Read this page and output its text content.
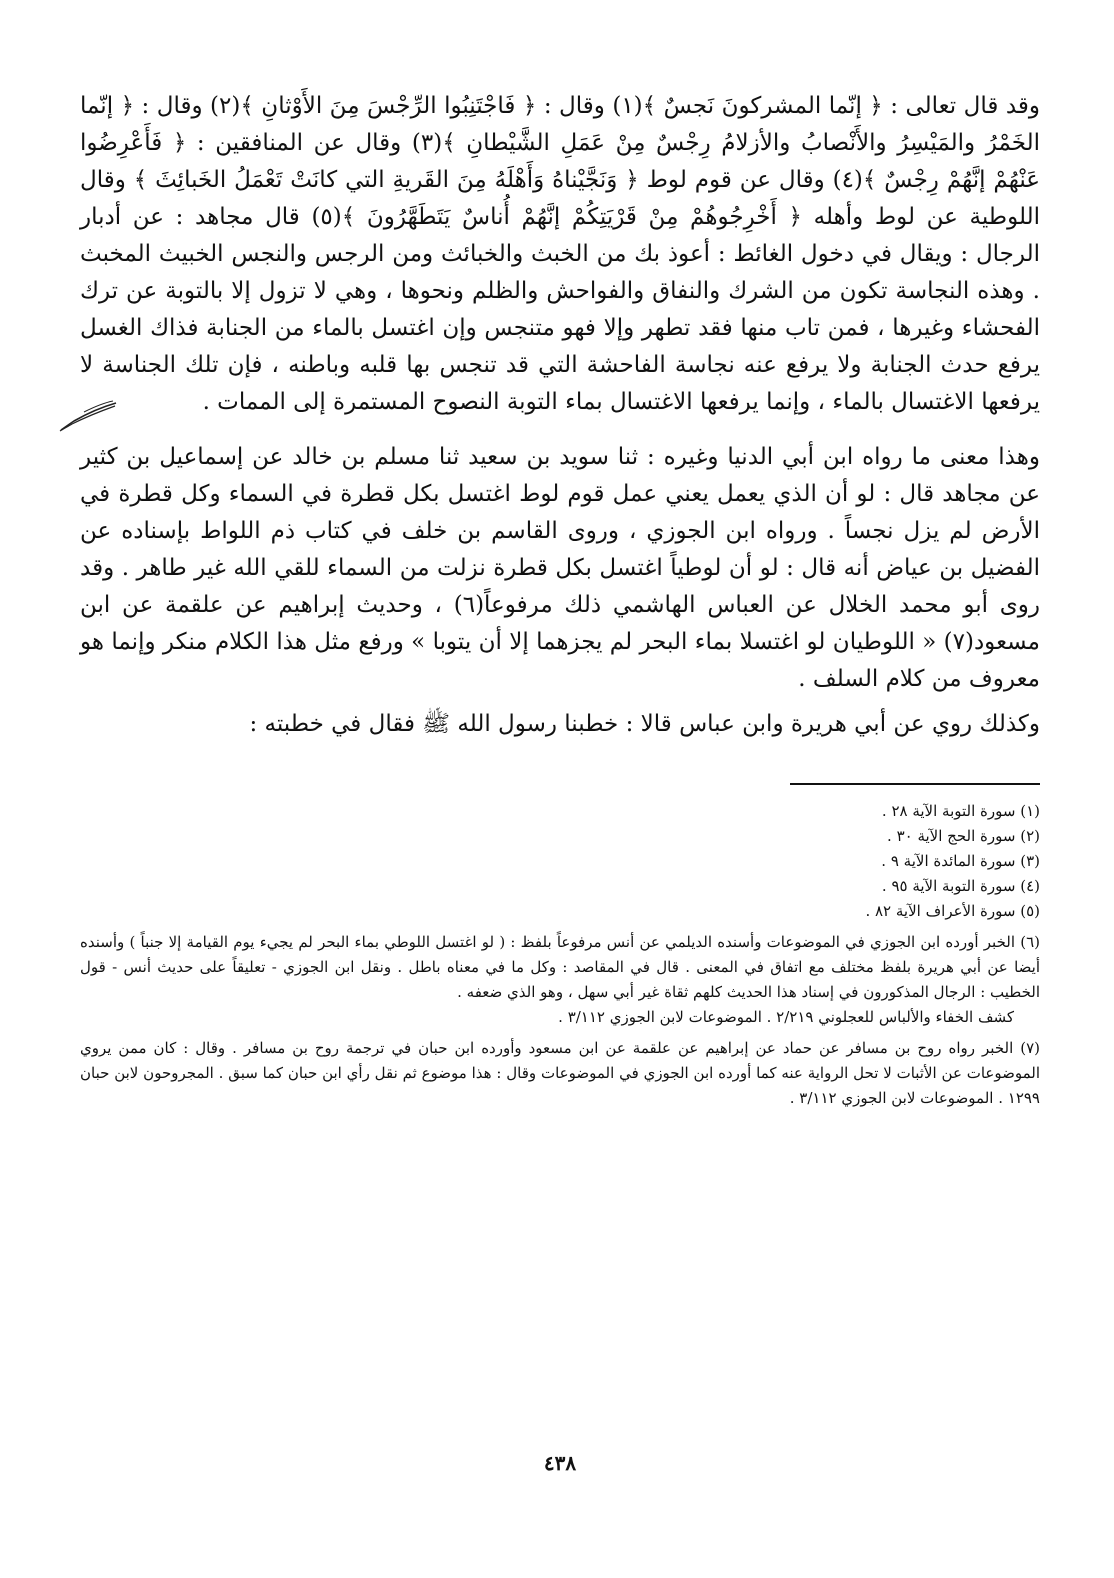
وقد قال تعالى : ﴿ إنّما المشركونَ نَجسٌ ﴾(١) وقال : ﴿ فَاجْتَنِبُوا الرِّجْسَ مِنَ الأَوْثانِ ﴾(٢) وقال : ﴿ إنّما الخَمْرُ والمَيْسِرُ والأَنْصابُ والأزلامُ رِجْسٌ مِنْ عَمَلِ الشَّيْطانِ ﴾(٣) وقال عن المنافقين : ﴿ فَأَعْرِضُوا عَنْهُمْ إنَّهُمْ رِجْسٌ ﴾(٤) وقال عن قوم لوط ﴿ وَنَجَّيْناهُ وَأَهْلَهُ مِنَ القَريةِ التي كانَتْ تَعْمَلُ الخَبائِثَ ﴾ وقال اللوطية عن لوط وأهله ﴿ أَخْرِجُوهُمْ مِنْ قَرْيَتِكُمْ إنَّهُمْ أُناسٌ يَتَطَهَّرُونَ ﴾(٥) قال مجاهد : عن أدبار الرجال : ويقال في دخول الغائط : أعوذ بك من الخبث والخبائث ومن الرجس والنجس الخبيث المخبث . وهذه النجاسة تكون من الشرك والنفاق والفواحش والظلم ونحوها ، وهي لا تزول إلا بالتوبة عن ترك الفحشاء وغيرها ، فمن تاب منها فقد تطهر وإلا فهو متنجس وإن اغتسل بالماء من الجنابة فذاك الغسل يرفع حدث الجنابة ولا يرفع عنه نجاسة الفاحشة التي قد تنجس بها قلبه وباطنه ، فإن تلك الجناسة لا يرفعها الاغتسال بالماء ، وإنما يرفعها الاغتسال بماء التوبة النصوح المستمرة إلى الممات .

وهذا معنى ما رواه ابن أبي الدنيا وغيره : ثنا سويد بن سعيد ثنا مسلم بن خالد عن إسماعيل بن كثير عن مجاهد قال : لو أن الذي يعمل يعني عمل قوم لوط اغتسل بكل قطرة في السماء وكل قطرة في الأرض لم يزل نجساً . ورواه ابن الجوزي ، وروى القاسم بن خلف في كتاب ذم اللواط بإسناده عن الفضيل بن عياض أنه قال : لو أن لوطياً اغتسل بكل قطرة نزلت من السماء للقي الله غير طاهر . وقد روى أبو محمد الخلال عن العباس الهاشمي ذلك مرفوعاً(٦) ، وحديث إبراهيم عن علقمة عن ابن مسعود(٧) « اللوطيان لو اغتسلا بماء البحر لم يجزهما إلا أن يتوبا » ورفع مثل هذا الكلام منكر وإنما هو معروف من كلام السلف .

وكذلك روي عن أبي هريرة وابن عباس قالا : خطبنا رسول الله ﷺ فقال في خطبته :

(١) سورة التوبة الآية ٢٨ .
(٢) سورة الحج الآية ٣٠ .
(٣) سورة المائدة الآية ٩ .
(٤) سورة التوبة الآية ٩٥ .
(٥) سورة الأعراف الآية ٨٢ .
(٦) الخبر أورده ابن الجوزي في الموضوعات وأسنده الديلمي عن أنس مرفوعاً بلفظ : ( لو اغتسل اللوطي بماء البحر لم يجيء يوم القيامة إلا جنباً ) وأسنده أيضا عن أبي هريرة بلفظ مختلف مع اتفاق في المعنى . قال في المقاصد : وكل ما في معناه باطل . ونقل ابن الجوزي - تعليقاً على حديث أنس - قول الخطيب : الرجال المذكورون في إسناد هذا الحديث كلهم ثقاة غير أبي سهل ، وهو الذي ضعفه .
كشف الخفاء والألباس للعجلوني ٢/٢١٩ . الموضوعات لابن الجوزي ٣/١١٢ .
(٧) الخبر رواه روح بن مسافر عن حماد عن إبراهيم عن علقمة عن ابن مسعود وأورده ابن حبان في ترجمة روح بن مسافر . وقال : كان ممن يروي الموضوعات عن الأثبات لا تحل الرواية عنه كما أورده ابن الجوزي في الموضوعات وقال : هذا موضوع ثم نقل رأي ابن حبان كما سبق . المجروحون لابن حبان ١٢٩٩ . الموضوعات لابن الجوزي ٣/١١٢ .
٤٣٨
